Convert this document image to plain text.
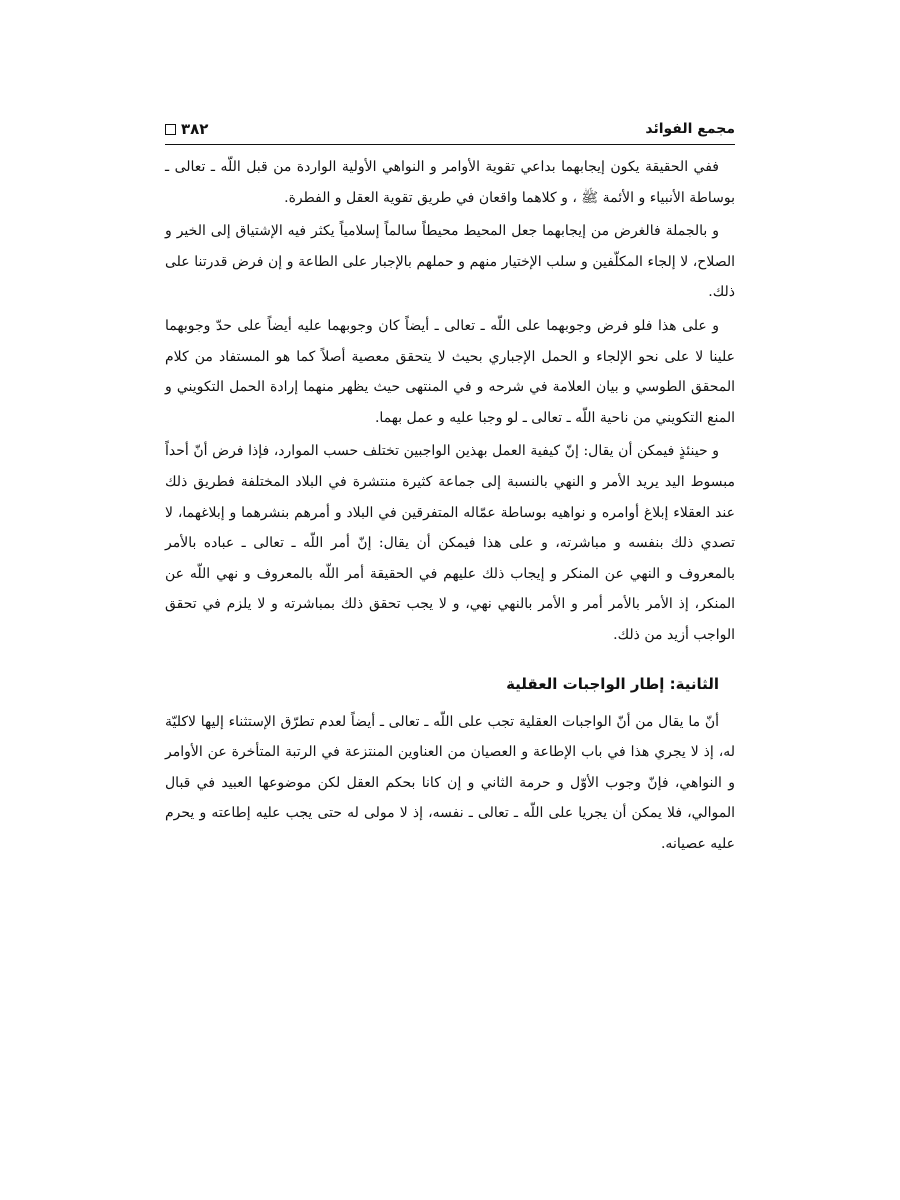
٣٨٢	مجمع الفوائد

ففي الحقيقة يكون إيجابهما بداعي تقوية الأوامر و النواهي الأولية الواردة من قبل اللّه ـ تعالى ـ بوساطة الأنبياء و الأئمة ﷺ ، و كلاهما واقعان في طريق تقوية العقل و الفطرة.

و بالجملة فالغرض من إيجابهما جعل المحيط محيطاً سالماً إسلامياً يكثر فيه الإشتياق إلى الخير و الصلاح، لا إلجاء المكلّفين و سلب الإختيار منهم و حملهم بالإجبار على الطاعة و إن فرض قدرتنا على ذلك.

و على هذا فلو فرض وجوبهما على اللّه ـ تعالى ـ أيضاً كان وجوبهما عليه أيضاً على حدّ وجوبهما علينا لا على نحو الإلجاء و الحمل الإجباري بحيث لا يتحقق معصية أصلاً كما هو المستفاد من كلام المحقق الطوسي و بيان العلامة في شرحه و في المنتهى حيث يظهر منهما إرادة الحمل التكويني و المنع التكويني من ناحية اللّه ـ تعالى ـ لو وجبا عليه و عمل بهما.

و حينئذٍ فيمكن أن يقال: إنّ كيفية العمل بهذين الواجبين تختلف حسب الموارد، فإذا فرض أنّ أحداً مبسوط اليد يريد الأمر و النهي بالنسبة إلى جماعة كثيرة منتشرة في البلاد المختلفة فطريق ذلك عند العقلاء إبلاغ أوامره و نواهيه بوساطة عمّاله المتفرقين في البلاد و أمرهم بنشرهما و إبلاغهما، لا تصدي ذلك بنفسه و مباشرته، و على هذا فيمكن أن يقال: إنّ أمر اللّه ـ تعالى ـ عباده بالأمر بالمعروف و النهي عن المنكر و إيجاب ذلك عليهم في الحقيقة أمر اللّه بالمعروف و نهي اللّه عن المنكر، إذ الأمر بالأمر أمر و الأمر بالنهي نهي، و لا يجب تحقق ذلك بمباشرته و لا يلزم في تحقق الواجب أزيد من ذلك.

الثانية: إطار الواجبات العقلية

أنّ ما يقال من أنّ الواجبات العقلية تجب على اللّه ـ تعالى ـ أيضاً لعدم تطرّق الإستثناء إليها لاكليّة له، إذ لا يجري هذا في باب الإطاعة و العصيان من العناوين المنتزعة في الرتبة المتأخرة عن الأوامر و النواهي، فإنّ وجوب الأوّل و حرمة الثاني و إن كانا بحكم العقل لكن موضوعها العبيد في قبال الموالي، فلا يمكن أن يجريا على اللّه ـ تعالى ـ نفسه، إذ لا مولى له حتى يجب عليه إطاعته و يحرم عليه عصيانه.
